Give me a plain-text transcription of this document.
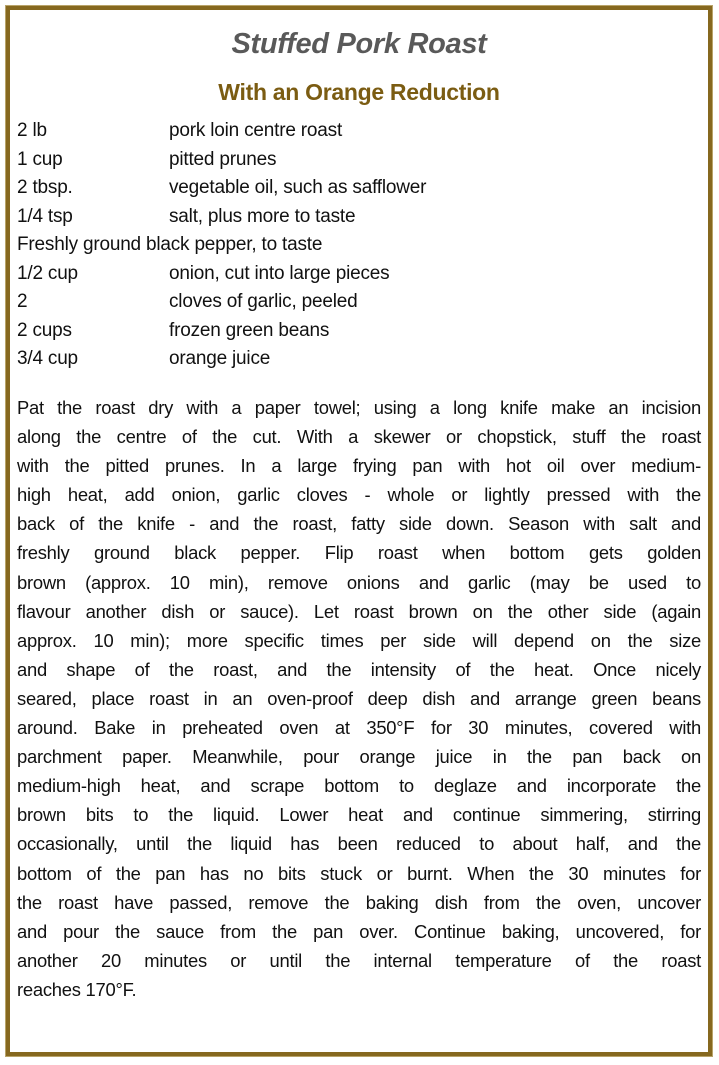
Stuffed Pork Roast
With an Orange Reduction
2 lb	pork loin centre roast
1 cup	pitted prunes
2 tbsp.	vegetable oil, such as safflower
1/4 tsp	salt, plus more to taste
Freshly ground black pepper, to taste
1/2 cup	onion, cut into large pieces
2	cloves of garlic, peeled
2 cups	frozen green beans
3/4 cup	orange juice
Pat the roast dry with a paper towel; using a long knife make an incision
along the centre of the cut. With a skewer or chopstick, stuff the roast
with the pitted prunes. In a large frying pan with hot oil over medium-
high heat, add onion, garlic cloves - whole or lightly pressed with the
back of the knife - and the roast, fatty side down. Season with salt and
freshly ground black pepper. Flip roast when bottom gets golden
brown (approx. 10 min), remove onions and garlic (may be used to
flavour another dish or sauce). Let roast brown on the other side (again
approx. 10 min); more specific times per side will depend on the size
and shape of the roast, and the intensity of the heat. Once nicely
seared, place roast in an oven-proof deep dish and arrange green beans
around. Bake in preheated oven at 350°F for 30 minutes, covered with
parchment paper. Meanwhile, pour orange juice in the pan back on
medium-high heat, and scrape bottom to deglaze and incorporate the
brown bits to the liquid. Lower heat and continue simmering, stirring
occasionally, until the liquid has been reduced to about half, and the
bottom of the pan has no bits stuck or burnt. When the 30 minutes for
the roast have passed, remove the baking dish from the oven, uncover
and pour the sauce from the pan over. Continue baking, uncovered, for
another 20 minutes or until the internal temperature of the roast
reaches 170°F.
